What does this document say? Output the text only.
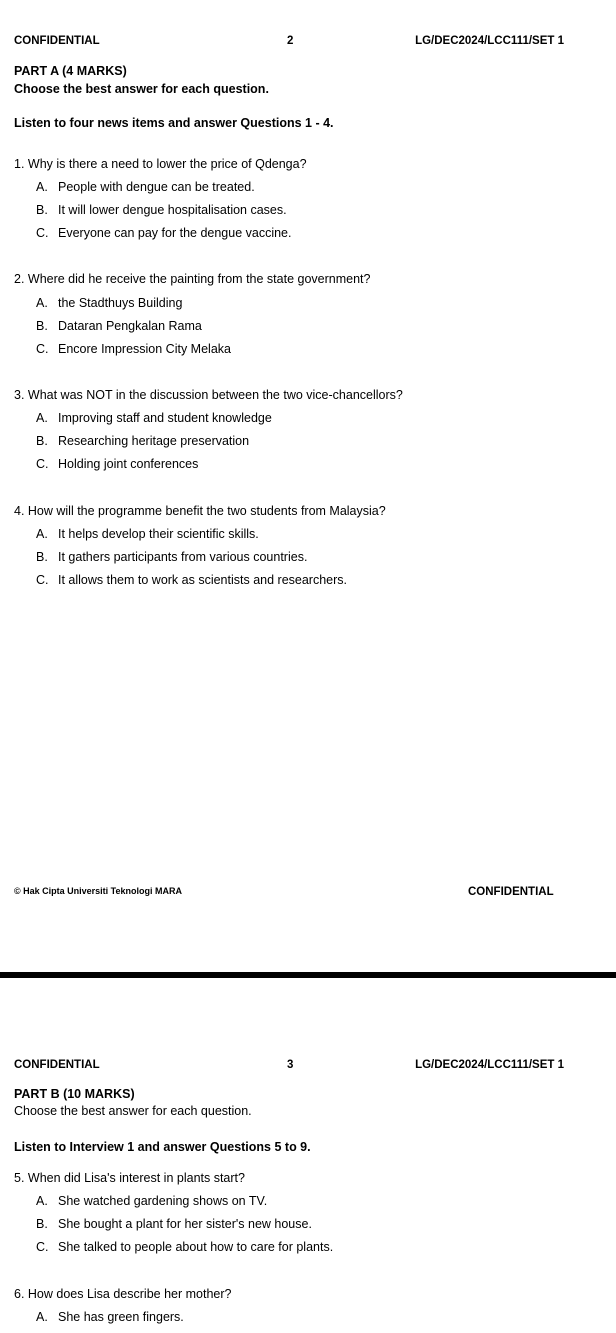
CONFIDENTIAL	2	LG/DEC2024/LCC111/SET 1
PART A (4 MARKS)
Choose the best answer for each question.
Listen to four news items and answer Questions 1 - 4.
1. Why is there a need to lower the price of Qdenga?
A. People with dengue can be treated.
B. It will lower dengue hospitalisation cases.
C. Everyone can pay for the dengue vaccine.
2. Where did he receive the painting from the state government?
A. the Stadthuys Building
B. Dataran Pengkalan Rama
C. Encore Impression City Melaka
3. What was NOT in the discussion between the two vice-chancellors?
A. Improving staff and student knowledge
B. Researching heritage preservation
C. Holding joint conferences
4. How will the programme benefit the two students from Malaysia?
A. It helps develop their scientific skills.
B. It gathers participants from various countries.
C. It allows them to work as scientists and researchers.
© Hak Cipta Universiti Teknologi MARA	CONFIDENTIAL
CONFIDENTIAL	3	LG/DEC2024/LCC111/SET 1
PART B (10 MARKS)
Choose the best answer for each question.
Listen to Interview 1 and answer Questions 5 to 9.
5. When did Lisa's interest in plants start?
A. She watched gardening shows on TV.
B. She bought a plant for her sister's new house.
C. She talked to people about how to care for plants.
6. How does Lisa describe her mother?
A. She has green fingers.
